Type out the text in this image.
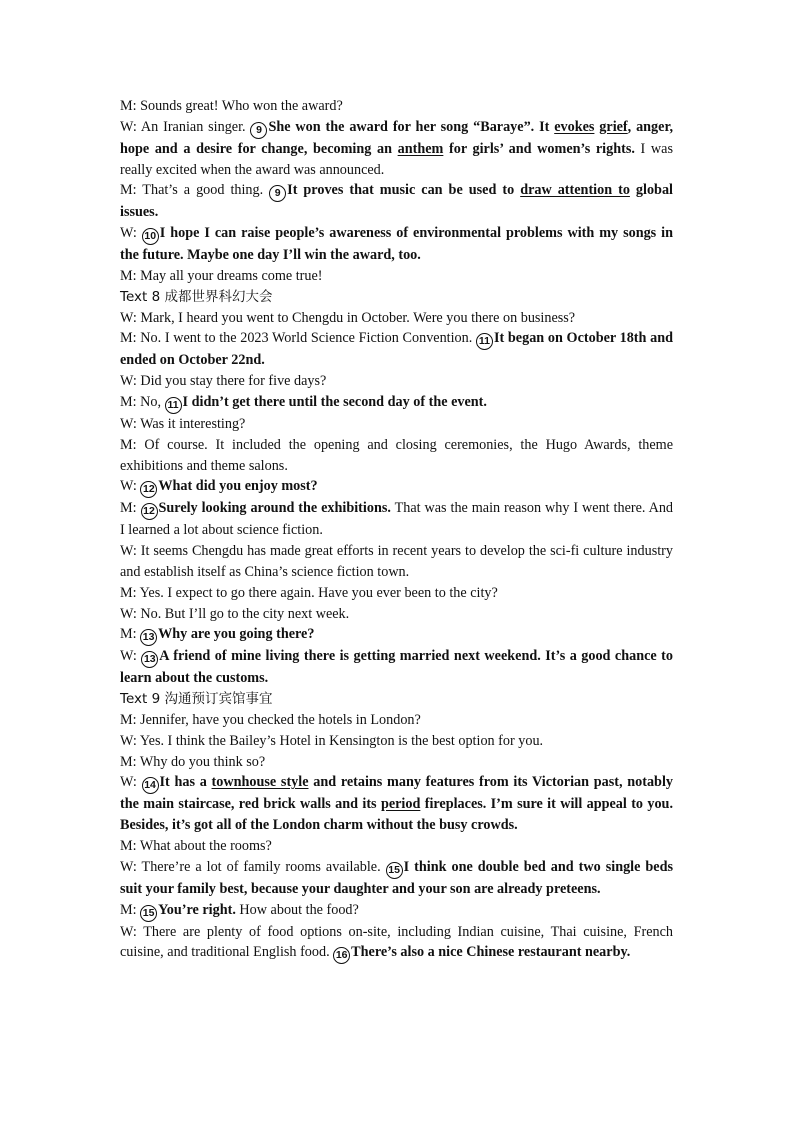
M: Sounds great! Who won the award?

W: An Iranian singer. 9 She won the award for her song “Baraye”. It evokes grief, anger, hope and a desire for change, becoming an anthem for girls’ and women’s rights. I was really excited when the award was announced.

M: That’s a good thing. 9 It proves that music can be used to draw attention to global issues.

W: 10 I hope I can raise people’s awareness of environmental problems with my songs in the future. Maybe one day I’ll win the award, too.

M: May all your dreams come true!

Text 8 成都世界科幻大会

W: Mark, I heard you went to Chengdu in October. Were you there on business?

M: No. I went to the 2023 World Science Fiction Convention. 11 It began on October 18th and ended on October 22nd.

W: Did you stay there for five days?

M: No, 11 I didn’t get there until the second day of the event.

W: Was it interesting?

M: Of course. It included the opening and closing ceremonies, the Hugo Awards, theme exhibitions and theme salons.

W: 12 What did you enjoy most?

M: 12 Surely looking around the exhibitions. That was the main reason why I went there. And I learned a lot about science fiction.

W: It seems Chengdu has made great efforts in recent years to develop the sci-fi culture industry and establish itself as China’s science fiction town.

M: Yes. I expect to go there again. Have you ever been to the city?

W: No. But I’ll go to the city next week.

M: 13 Why are you going there?

W: 13 A friend of mine living there is getting married next weekend. It’s a good chance to learn about the customs.

Text 9 沟通预订宾馆事宜

M: Jennifer, have you checked the hotels in London?

W: Yes. I think the Bailey’s Hotel in Kensington is the best option for you.

M: Why do you think so?

W: 14 It has a townhouse style and retains many features from its Victorian past, notably the main staircase, red brick walls and its period fireplaces. I’m sure it will appeal to you. Besides, it’s got all of the London charm without the busy crowds.

M: What about the rooms?

W: There’re a lot of family rooms available. 15 I think one double bed and two single beds suit your family best, because your daughter and your son are already preteens.

M: 15 You’re right. How about the food?

W: There are plenty of food options on-site, including Indian cuisine, Thai cuisine, French cuisine, and traditional English food. 16 There’s also a nice Chinese restaurant nearby.
